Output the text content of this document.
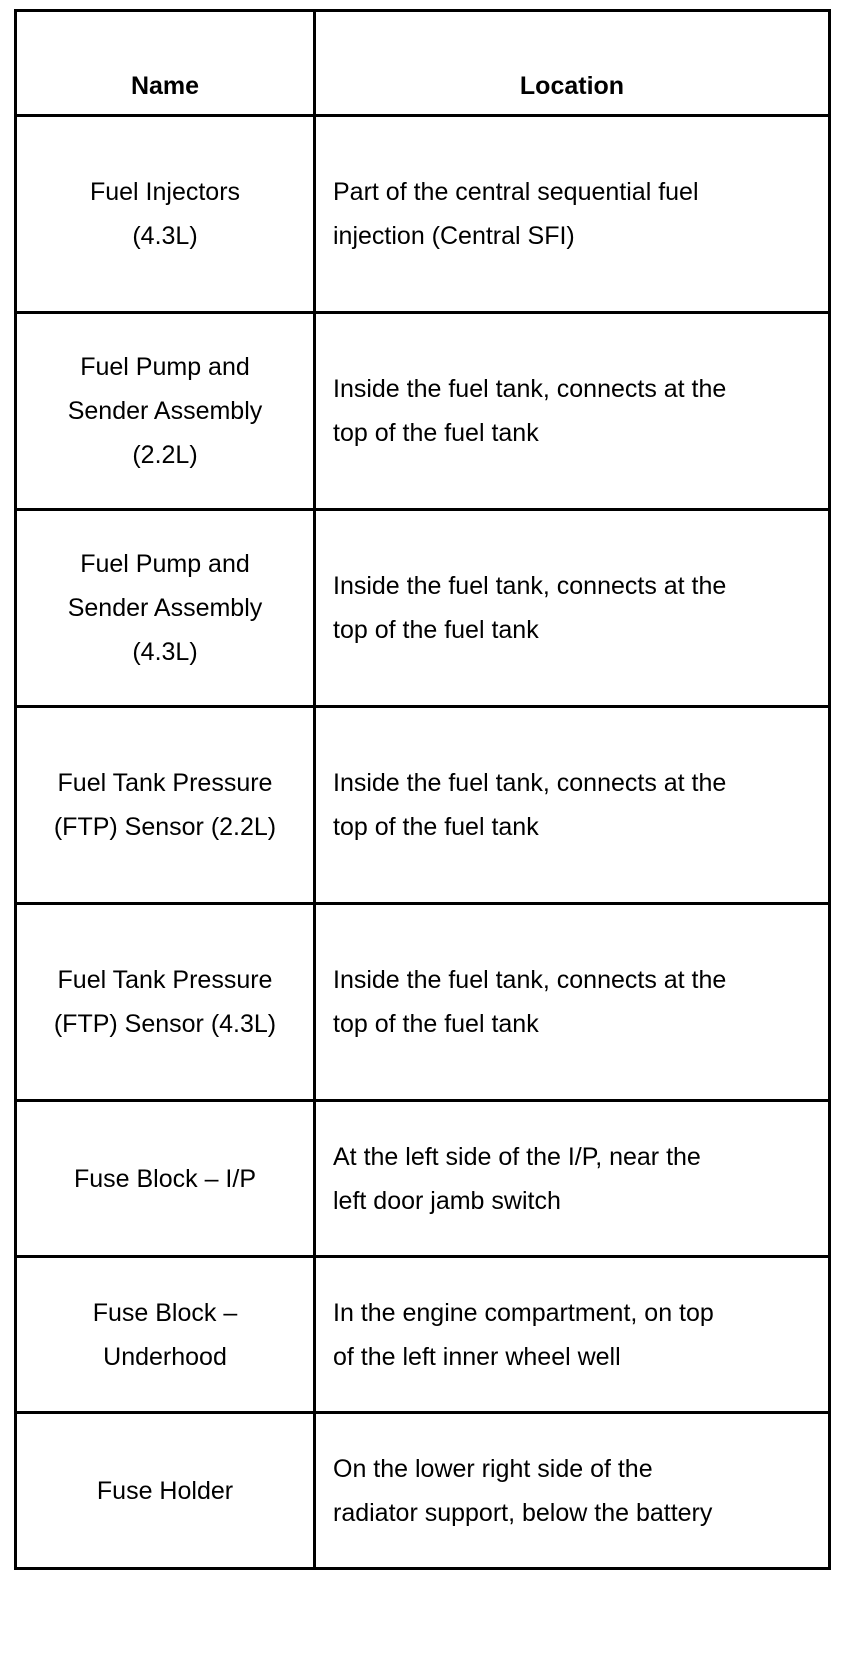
Name	Location

Fuel Injectors
(4.3L)	Part of the central sequential fuel
injection (Central SFI)

Fuel Pump and
Sender Assembly
(2.2L)	Inside the fuel tank, connects at the
top of the fuel tank

Fuel Pump and
Sender Assembly
(4.3L)	Inside the fuel tank, connects at the
top of the fuel tank

Fuel Tank Pressure
(FTP) Sensor (2.2L)	Inside the fuel tank, connects at the
top of the fuel tank

Fuel Tank Pressure
(FTP) Sensor (4.3L)	Inside the fuel tank, connects at the
top of the fuel tank

Fuse Block – I/P	At the left side of the I/P, near the
left door jamb switch

Fuse Block –
Underhood	In the engine compartment, on top
of the left inner wheel well

Fuse Holder	On the lower right side of the
radiator support, below the battery
